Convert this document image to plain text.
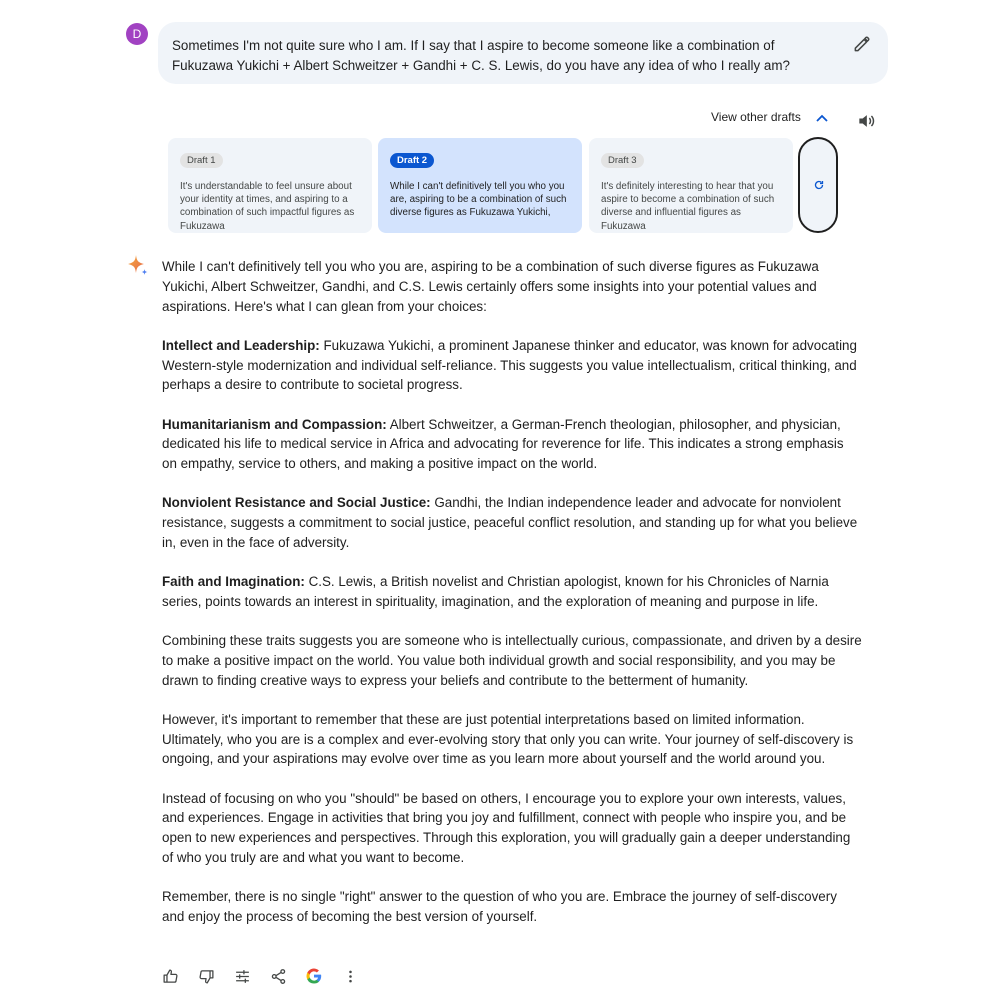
D
Sometimes I'm not quite sure who I am. If I say that I aspire to become someone like a combination of Fukuzawa Yukichi + Albert Schweitzer + Gandhi + C. S. Lewis, do you have any idea of who I really am?
View other drafts
Draft 1
It's understandable to feel unsure about your identity at times, and aspiring to a combination of such impactful figures as Fukuzawa
Draft 2
While I can't definitively tell you who you are, aspiring to be a combination of such diverse figures as Fukuzawa Yukichi,
Draft 3
It's definitely interesting to hear that you aspire to become a combination of such diverse and influential figures as Fukuzawa

While I can't definitively tell you who you are, aspiring to be a combination of such diverse figures as Fukuzawa Yukichi, Albert Schweitzer, Gandhi, and C.S. Lewis certainly offers some insights into your potential values and aspirations. Here's what I can glean from your choices:

Intellect and Leadership: Fukuzawa Yukichi, a prominent Japanese thinker and educator, was known for advocating Western-style modernization and individual self-reliance. This suggests you value intellectualism, critical thinking, and perhaps a desire to contribute to societal progress.

Humanitarianism and Compassion: Albert Schweitzer, a German-French theologian, philosopher, and physician, dedicated his life to medical service in Africa and advocating for reverence for life. This indicates a strong emphasis on empathy, service to others, and making a positive impact on the world.

Nonviolent Resistance and Social Justice: Gandhi, the Indian independence leader and advocate for nonviolent resistance, suggests a commitment to social justice, peaceful conflict resolution, and standing up for what you believe in, even in the face of adversity.

Faith and Imagination: C.S. Lewis, a British novelist and Christian apologist, known for his Chronicles of Narnia series, points towards an interest in spirituality, imagination, and the exploration of meaning and purpose in life.

Combining these traits suggests you are someone who is intellectually curious, compassionate, and driven by a desire to make a positive impact on the world. You value both individual growth and social responsibility, and you may be drawn to finding creative ways to express your beliefs and contribute to the betterment of humanity.

However, it's important to remember that these are just potential interpretations based on limited information. Ultimately, who you are is a complex and ever-evolving story that only you can write. Your journey of self-discovery is ongoing, and your aspirations may evolve over time as you learn more about yourself and the world around you.

Instead of focusing on who you "should" be based on others, I encourage you to explore your own interests, values, and experiences. Engage in activities that bring you joy and fulfillment, connect with people who inspire you, and be open to new experiences and perspectives. Through this exploration, you will gradually gain a deeper understanding of who you truly are and what you want to become.

Remember, there is no single "right" answer to the question of who you are. Embrace the journey of self-discovery and enjoy the process of becoming the best version of yourself.
